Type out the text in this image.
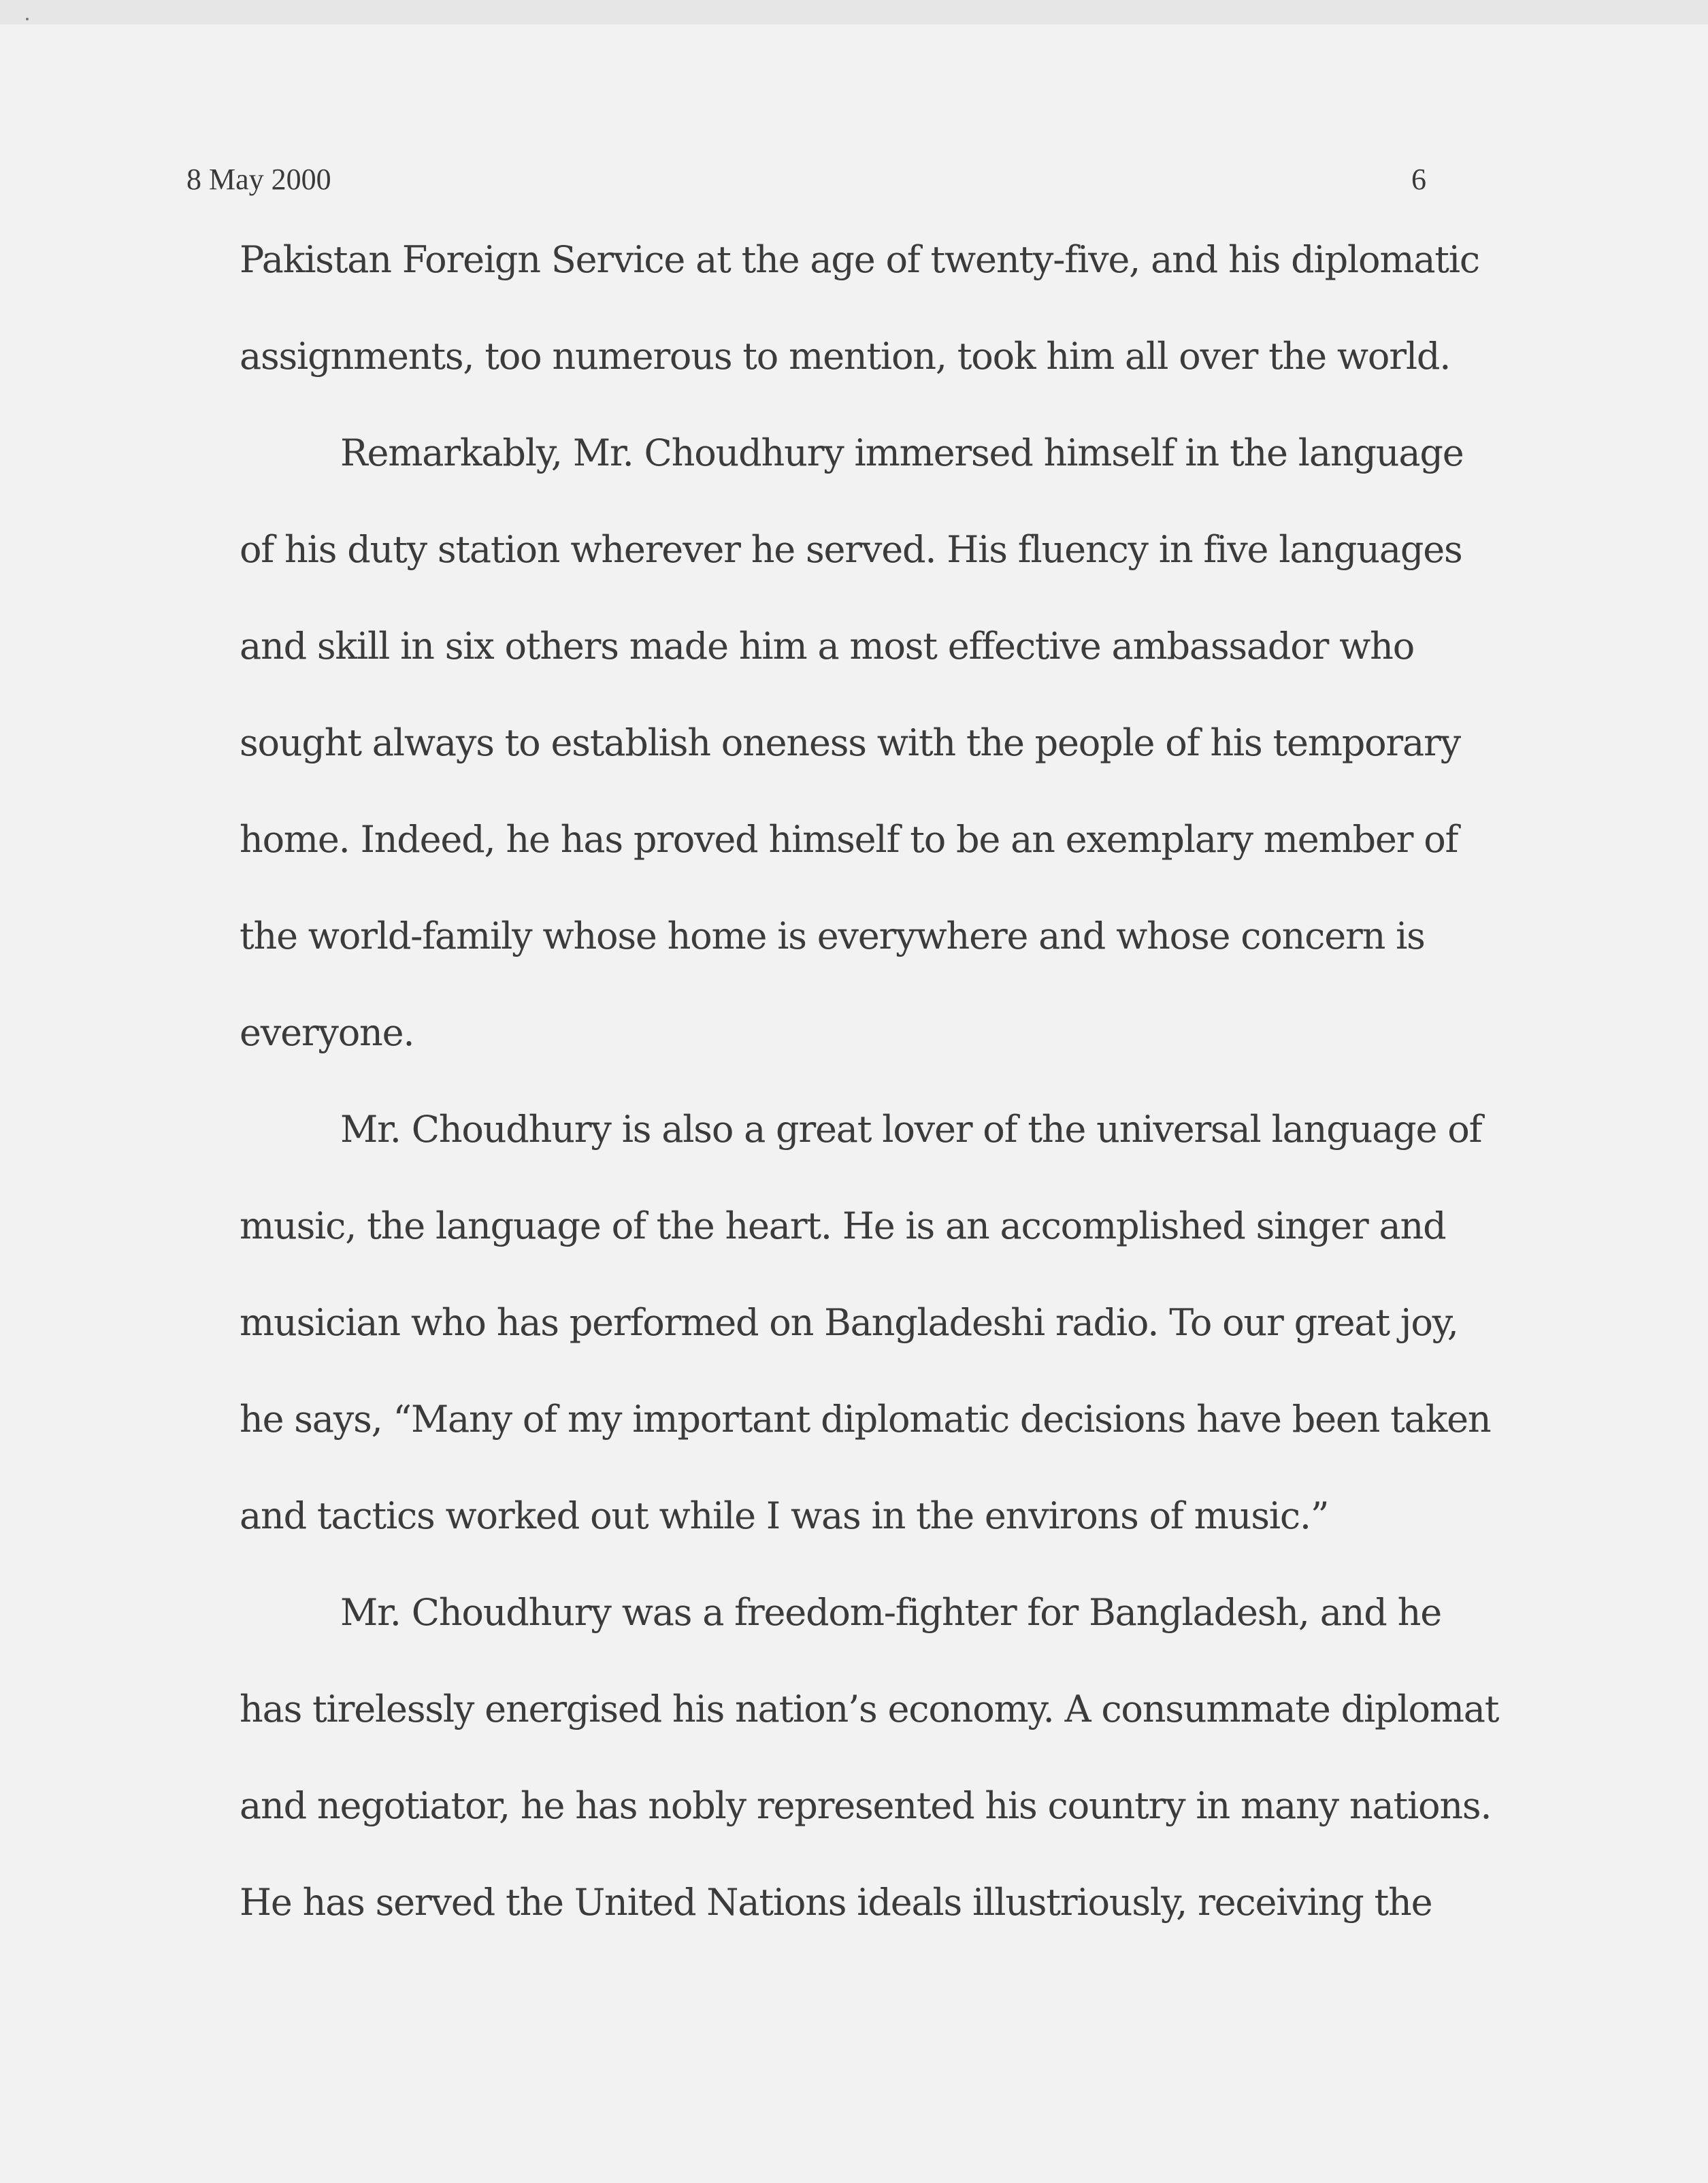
8 May 2000	6
Pakistan Foreign Service at the age of twenty-five, and his diplomatic
assignments, too numerous to mention, took him all over the world.
Remarkably, Mr. Choudhury immersed himself in the language
of his duty station wherever he served. His fluency in five languages
and skill in six others made him a most effective ambassador who
sought always to establish oneness with the people of his temporary
home. Indeed, he has proved himself to be an exemplary member of
the world-family whose home is everywhere and whose concern is
everyone.
Mr. Choudhury is also a great lover of the universal language of
music, the language of the heart. He is an accomplished singer and
musician who has performed on Bangladeshi radio. To our great joy,
he says, “Many of my important diplomatic decisions have been taken
and tactics worked out while I was in the environs of music.”
Mr. Choudhury was a freedom-fighter for Bangladesh, and he
has tirelessly energised his nation’s economy. A consummate diplomat
and negotiator, he has nobly represented his country in many nations.
He has served the United Nations ideals illustriously, receiving the
